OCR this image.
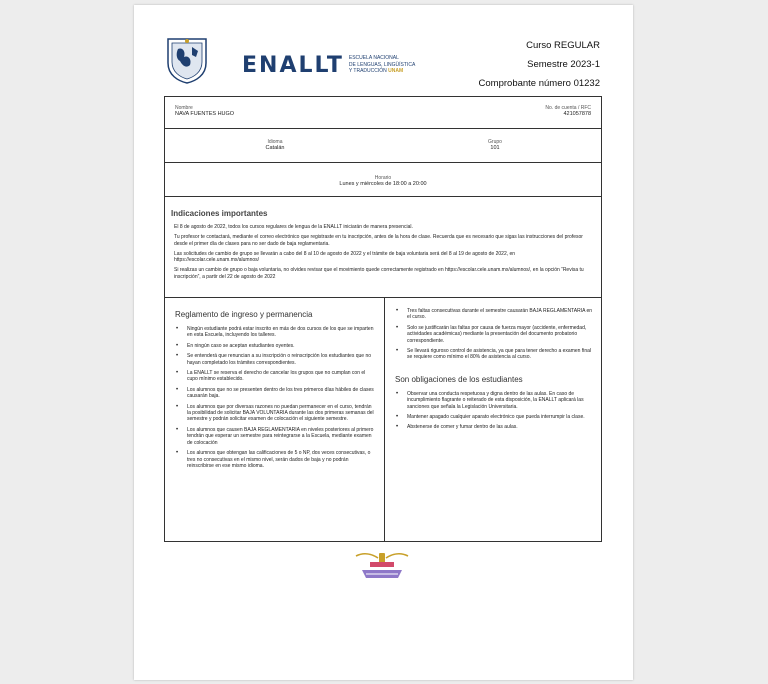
ENALLT ESCUELA NACIONAL
DE LENGUAS, LINGÜÍSTICA
Y TRADUCCIÓN UNAM
Curso REGULAR
Semestre 2023-1
Comprobante número 01232
Nombre
NAVA FUENTES HUGO
No. de cuenta / RFC
421057878
Idioma
Catalán
Grupo
101
Horario
Lunes y miércoles de 18:00 a 20:00
Indicaciones importantes

El 8 de agosto de 2022, todos los cursos regulares de lengua de la ENALLT iniciarán de manera presencial.

Tu profesor te contactará, mediante el correo electrónico que registraste en tu inscripción, antes de la hora de clase. Recuerda que es necesario que sigas las instrucciones del profesor desde el primer día de clases para no ser dado de baja reglamentaria.

Las solicitudes de cambio de grupo se llevarán a cabo del 8 al 10 de agosto de 2022 y el trámite de baja voluntaria será del 8 al 19 de agosto de 2022, en https://escolar.cele.unam.mx/alumnos/

Si realizas un cambio de grupo o baja voluntaria, no olvides revisar que el movimiento quede correctamente registrado en https://escolar.cele.unam.mx/alumnos/, en la opción “Revisa tu inscripción”, a partir del 22 de agosto de 2022

Reglamento de ingreso y permanencia
• Ningún estudiante podrá estar inscrito en más de dos cursos de los que se imparten en esta Escuela, incluyendo los talleres.
• En ningún caso se aceptan estudiantes oyentes.
• Se entenderá que renuncian a su inscripción o reinscripción los estudiantes que no hayan completado los trámites correspondientes.
• La ENALLT se reserva el derecho de cancelar los grupos que no cumplan con el cupo mínimo establecido.
• Los alumnos que no se presenten dentro de los tres primeros días hábiles de clases causarán baja.
• Los alumnos que por diversas razones no puedan permanecer en el curso, tendrán la posibilidad de solicitar BAJA VOLUNTARIA durante las dos primeras semanas del semestre y podrán solicitar examen de colocación el siguiente semestre.
• Los alumnos que causen BAJA REGLAMENTARIA en niveles posteriores al primero tendrán que esperar un semestre para reintegrarse a la Escuela, mediante examen de colocación
• Los alumnos que obtengan las calificaciones de 5 o NP, dos veces consecutivas, o tres no consecutivas en el mismo nivel, serán dados de baja y no podrán reinscribirse en ese mismo idioma.
• Tres faltas consecutivas durante el semestre causarán BAJA REGLAMENTARIA en el curso.
• Solo se justificarán las faltas por causa de fuerza mayor (accidente, enfermedad, actividades académicas) mediante la presentación del documento probatorio correspondiente.
• Se llevará riguroso control de asistencia, ya que para tener derecho a examen final se requiere como mínimo el 80% de asistencia al curso.
Son obligaciones de los estudiantes
• Observar una conducta respetuosa y digna dentro de las aulas. En caso de incumplimiento flagrante o reiterado de esta disposición, la ENALLT aplicará las sanciones que señala la Legislación Universitaria.
• Mantener apagado cualquier aparato electrónico que pueda interrumpir la clase.
• Abstenerse de comer y fumar dentro de las aulas.
